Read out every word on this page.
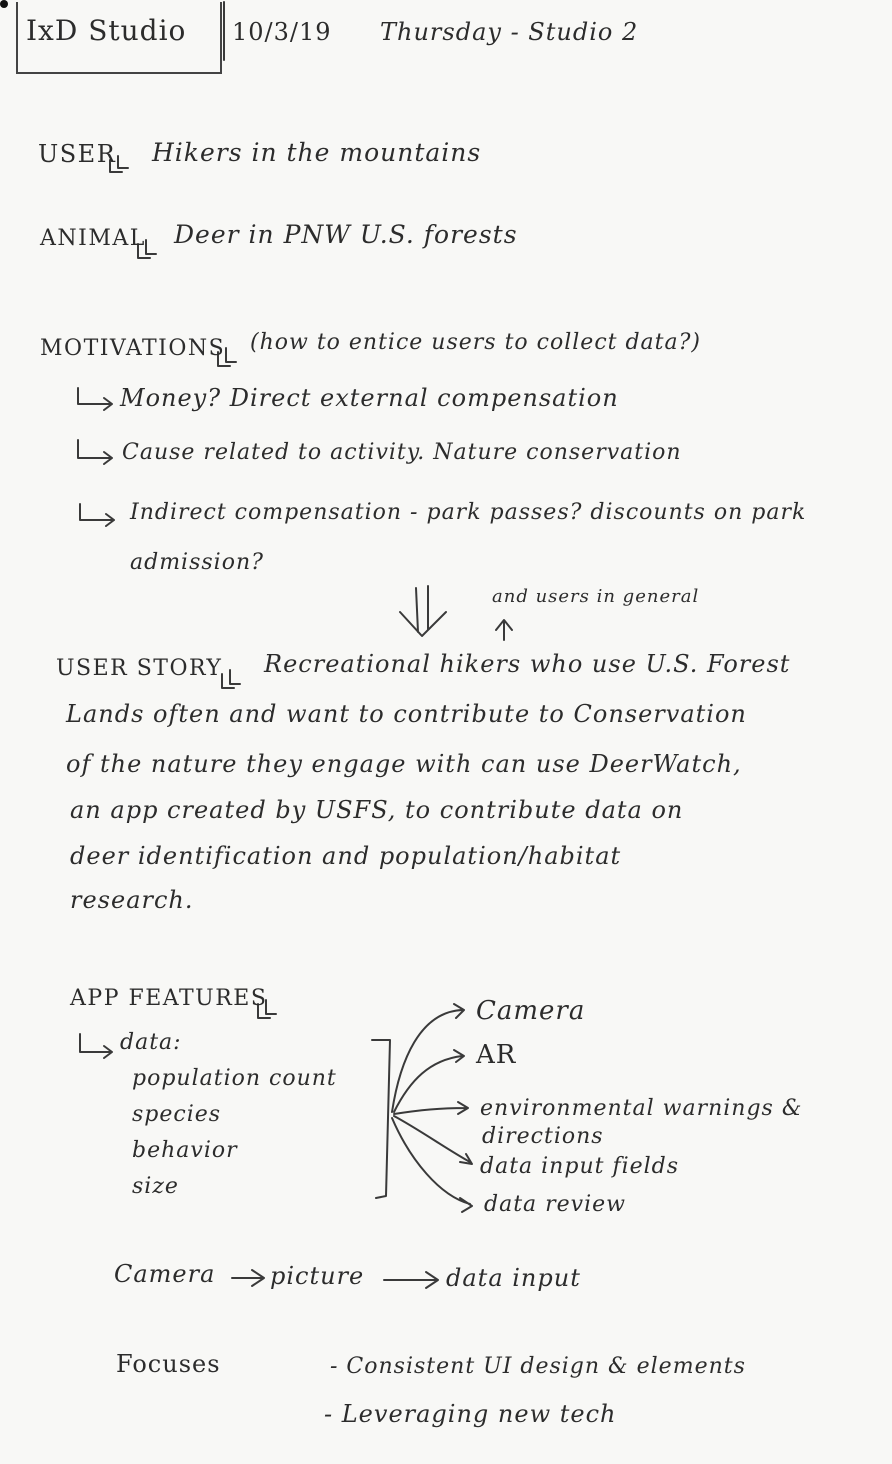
IxD Studio 10/3/19 Thursday - Studio 2
USER Hikers in the mountains
ANIMAL Deer in PNW U.S. forests
MOTIVATIONS (how to entice users to collect data?)
Money? Direct external compensation
Cause related to activity. Nature conservation
Indirect compensation - park passes? discounts on park
admission?
and users in general
USER STORY Recreational hikers who use U.S. Forest
Lands often and want to contribute to Conservation
of the nature they engage with can use DeerWatch,
an app created by USFS, to contribute data on
deer identification and population/habitat
research.
APP FEATURES
data:
population count
species
behavior
size
Camera
AR
environmental warnings &
directions
data input fields
data review
Camera picture	data input
Focuses	- Consistent UI design & elements
- Leveraging new tech
